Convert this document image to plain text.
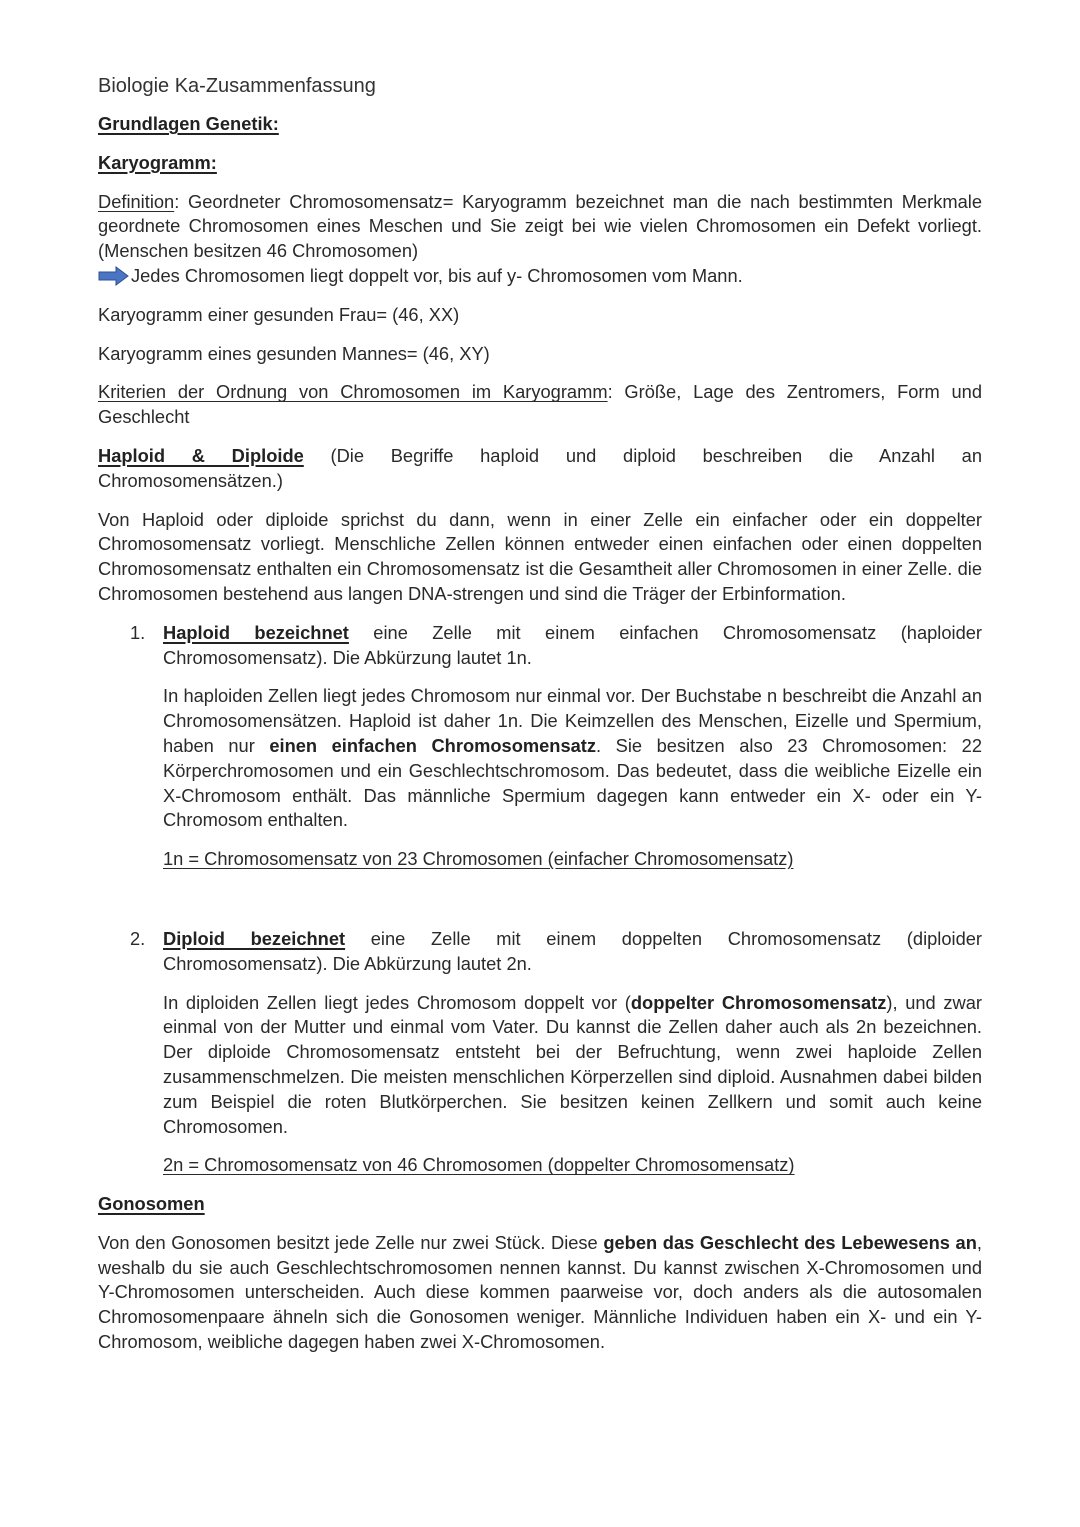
Biologie Ka-Zusammenfassung

Grundlagen Genetik:

Karyogramm:

Definition: Geordneter Chromosomensatz= Karyogramm bezeichnet man die nach bestimmten Merkmale geordnete Chromosomen eines Meschen und Sie zeigt bei wie vielen Chromosomen ein Defekt vorliegt. (Menschen besitzen 46 Chromosomen)

Jedes Chromosomen liegt doppelt vor, bis auf y- Chromosomen vom Mann.

Karyogramm einer gesunden Frau= (46, XX)

Karyogramm eines gesunden Mannes= (46, XY)

Kriterien der Ordnung von Chromosomen im Karyogramm: Größe, Lage des Zentromers, Form und Geschlecht

Haploid & Diploide (Die Begriffe haploid und diploid beschreiben die Anzahl an

Chromosomensätzen.)

Von Haploid oder diploide sprichst du dann, wenn in einer Zelle ein einfacher oder ein doppelter Chromosomensatz vorliegt. Menschliche Zellen können entweder einen einfachen oder einen doppelten Chromosomensatz enthalten ein Chromosomensatz ist die Gesamtheit aller Chromosomen in einer Zelle. die Chromosomen bestehend aus langen DNA-strengen und sind die Träger der Erbinformation.

1. Haploid bezeichnet eine Zelle mit einem einfachen Chromosomensatz (haploider Chromosomensatz). Die Abkürzung lautet 1n.

In haploiden Zellen liegt jedes Chromosom nur einmal vor. Der Buchstabe n beschreibt die Anzahl an Chromosomensätzen. Haploid ist daher 1n. Die Keimzellen des Menschen, Eizelle und Spermium, haben nur einen einfachen Chromosomensatz. Sie besitzen also 23 Chromosomen: 22 Körperchromosomen und ein Geschlechtschromosom. Das bedeutet, dass die weibliche Eizelle ein X-Chromosom enthält. Das männliche Spermium dagegen kann entweder ein X- oder ein Y-Chromosom enthalten.

1n = Chromosomensatz von 23 Chromosomen (einfacher Chromosomensatz)

2. Diploid bezeichnet eine Zelle mit einem doppelten Chromosomensatz (diploider Chromosomensatz). Die Abkürzung lautet 2n.

In diploiden Zellen liegt jedes Chromosom doppelt vor (doppelter Chromosomensatz), und zwar einmal von der Mutter und einmal vom Vater. Du kannst die Zellen daher auch als 2n bezeichnen. Der diploide Chromosomensatz entsteht bei der Befruchtung, wenn zwei haploide Zellen zusammenschmelzen. Die meisten menschlichen Körperzellen sind diploid. Ausnahmen dabei bilden zum Beispiel die roten Blutkörperchen. Sie besitzen keinen Zellkern und somit auch keine Chromosomen.

2n = Chromosomensatz von 46 Chromosomen (doppelter Chromosomensatz)

Gonosomen

Von den Gonosomen besitzt jede Zelle nur zwei Stück. Diese geben das Geschlecht des Lebewesens an, weshalb du sie auch Geschlechtschromosomen nennen kannst. Du kannst zwischen X-Chromosomen und Y-Chromosomen unterscheiden. Auch diese kommen paarweise vor, doch anders als die autosomalen Chromosomenpaare ähneln sich die Gonosomen weniger. Männliche Individuen haben ein X- und ein Y-Chromosom, weibliche dagegen haben zwei X-Chromosomen.
